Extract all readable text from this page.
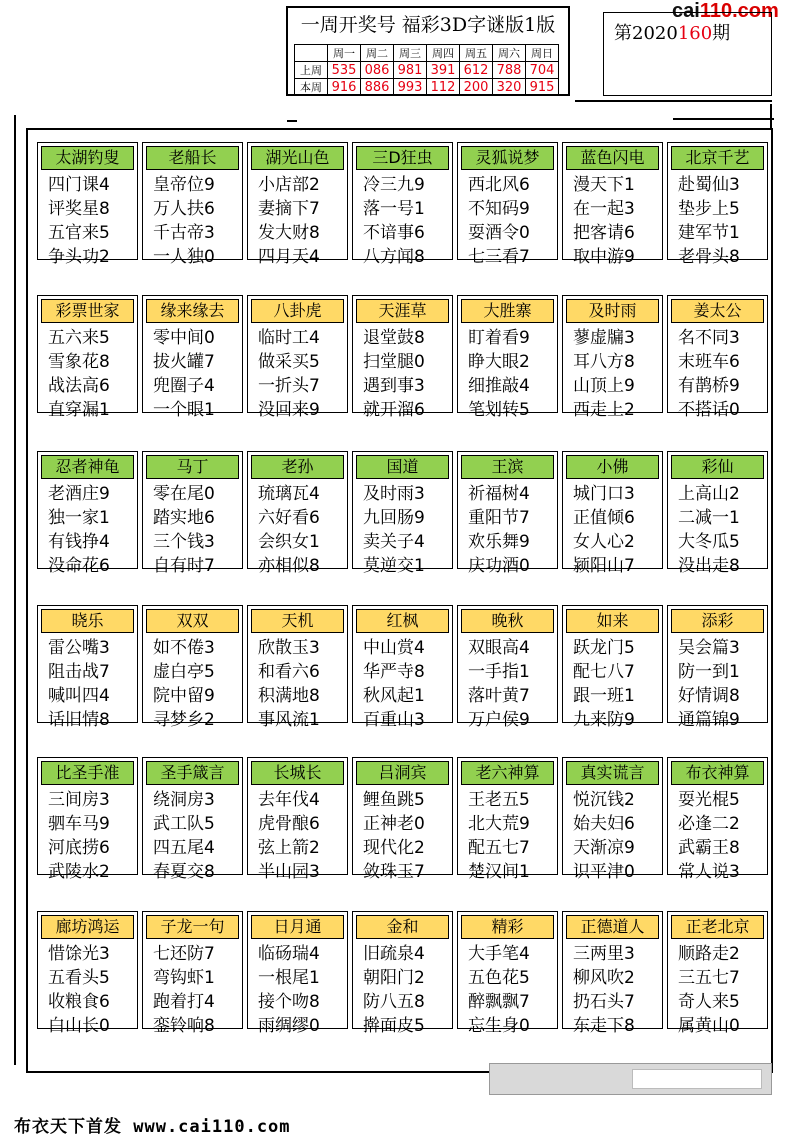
cai110.com
一周开奖号 福彩3D字谜版1版
	周一	周二	周三	周四	周五	周六	周日
上周	535	086	981	391	612	788	704
本周	916	886	993	112	200	320	915
第2020160期
太湖钓叟
四门课4
评奖星8
五官来5
争头功2
老船长
皇帝位9
万人扶6
千古帝3
一人独0
湖光山色
小店部2
妻摘下7
发大财8
四月天4
三D狂虫
冷三九9
落一号1
不谙事6
八方闻8
灵狐说梦
西北风6
不知码9
耍酒令0
七三看7
蓝色闪电
漫天下1
在一起3
把客请6
取中游9
北京千艺
赴蜀仙3
垫步上5
建军节1
老骨头8
彩票世家
五六来5
雪象花8
战法高6
直穿漏1
缘来缘去
零中间0
拔火罐7
兜圈子4
一个眼1
八卦虎
临时工4
做采买5
一折头7
没回来9
天涯草
退堂鼓8
扫堂腿0
遇到事3
就开溜6
大胜寨
盯着看9
睁大眼2
细推敲4
笔划转5
及时雨
蓼虚牖3
耳八方8
山顶上9
西走上2
姜太公
名不同3
末班车6
有鹊桥9
不搭话0
忍者神龟
老酒庄9
独一家1
有钱挣4
没命花6
马丁
零在尾0
踏实地6
三个钱3
自有时7
老孙
琉璃瓦4
六好看6
会织女1
亦相似8
国道
及时雨3
九回肠9
卖关子4
莫逆交1
王滨
祈福树4
重阳节7
欢乐舞9
庆功酒0
小佛
城门口3
正值倾6
女人心2
颍阳山7
彩仙
上高山2
二减一1
大冬瓜5
没出走8
晓乐
雷公嘴3
阻击战7
喊叫四4
话旧情8
双双
如不倦3
虚白亭5
院中留9
寻梦乡2
天机
欣散玉3
和看六6
积满地8
事风流1
红枫
中山赏4
华严寺8
秋风起1
百重山3
晚秋
双眼高4
一手指1
落叶黄7
万户侯9
如来
跃龙门5
配七八7
跟一班1
九来防9
添彩
吴会篇3
防一到1
好情调8
通篇锦9
比圣手准
三间房3
驷车马9
河底捞6
武陵水2
圣手箴言
绕洞房3
武工队5
四五尾4
春夏交8
长城长
去年伐4
虎骨酿6
弦上箭2
半山园3
吕洞宾
鲤鱼跳5
正神老0
现代化2
敛珠玉7
老六神算
王老五5
北大荒9
配五七7
楚汉间1
真实谎言
悦沉钱2
始夫妇6
天渐凉9
识平津0
布衣神算
耍光棍5
必逢二2
武霸王8
常人说3
廊坊鸿运
惜馀光3
五看头5
收粮食6
白山长0
子龙一句
七还防7
弯钩虾1
跑着打4
銮铃响8
日月通
临砀瑞4
一根尾1
接个吻8
雨绸缪0
金和
旧疏泉4
朝阳门2
防八五8
擀面皮5
精彩
大手笔4
五色花5
醉飘飘7
忘生身0
正德道人
三两里3
柳风吹2
扔石头7
东走下8
正老北京
顺路走2
三五七7
奇人来5
属黄山0
布衣天下首发 www.cai110.com
